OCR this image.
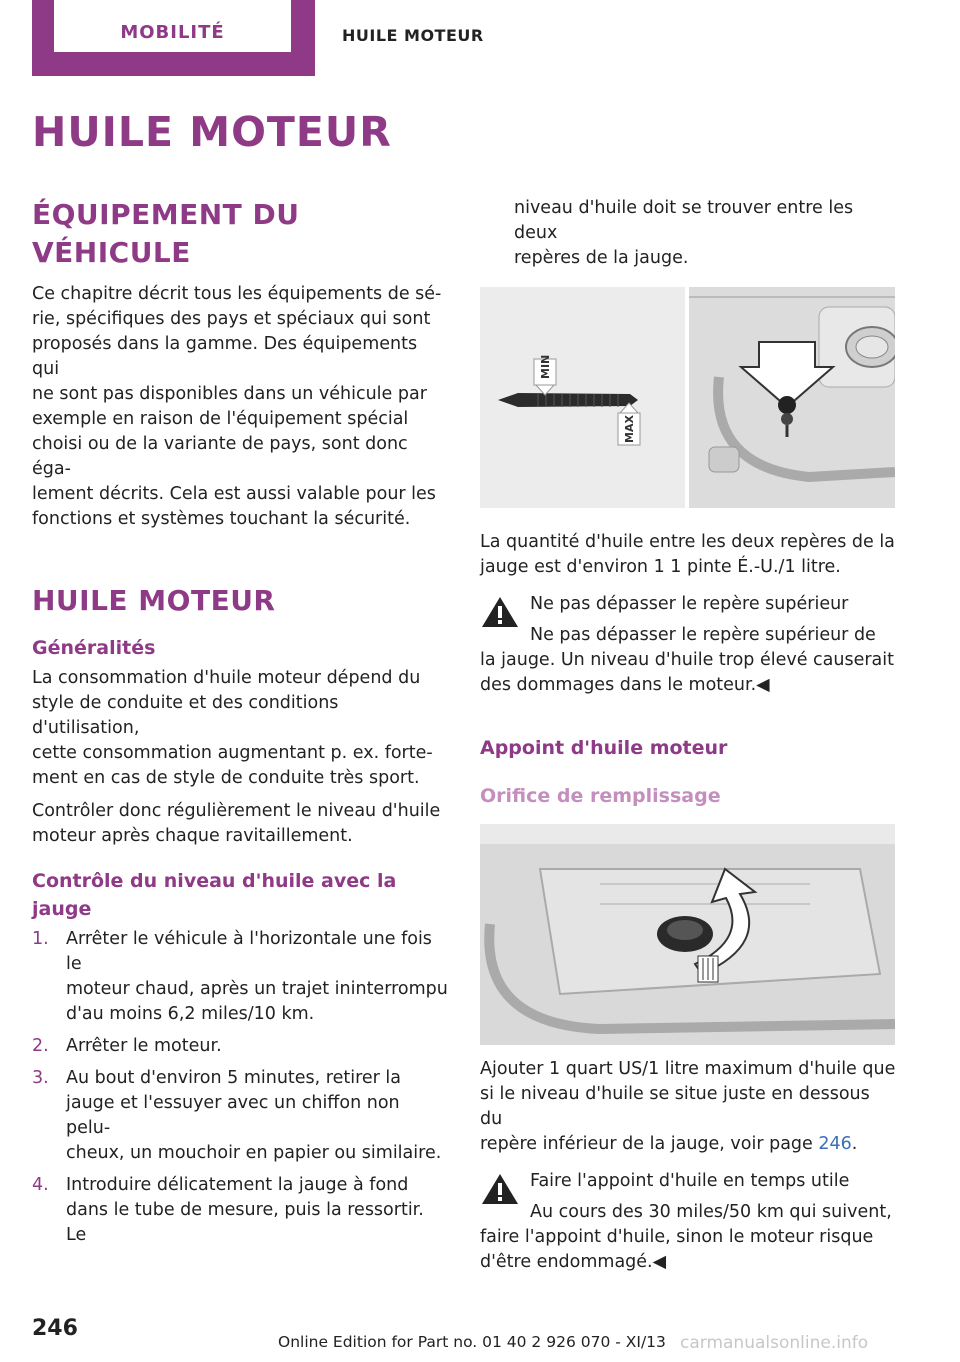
MOBILITÉ	HUILE MOTEUR
HUILE MOTEUR
ÉQUIPEMENT DU VÉHICULE

Ce chapitre décrit tous les équipements de sé‐
rie, spécifiques des pays et spéciaux qui sont
proposés dans la gamme. Des équipements qui
ne sont pas disponibles dans un véhicule par
exemple en raison de l'équipement spécial
choisi ou de la variante de pays, sont donc éga‐
lement décrits. Cela est aussi valable pour les
fonctions et systèmes touchant la sécurité.

HUILE MOTEUR
Généralités

La consommation d'huile moteur dépend du
style de conduite et des conditions d'utilisation,
cette consommation augmentant p. ex. forte‐
ment en cas de style de conduite très sport.

Contrôler donc régulièrement le niveau d'huile
moteur après chaque ravitaillement.

Contrôle du niveau d'huile avec la jauge
1. Arrêter le véhicule à l'horizontale une fois le
moteur chaud, après un trajet ininterrompu
d'au moins 6,2 miles/10 km.
2. Arrêter le moteur.
3. Au bout d'environ 5 minutes, retirer la
jauge et l'essuyer avec un chiffon non pelu‐
cheux, un mouchoir en papier ou similaire.
4. Introduire délicatement la jauge à fond
dans le tube de mesure, puis la ressortir. Le

niveau d'huile doit se trouver entre les deux
repères de la jauge.

MIN
MAX

La quantité d'huile entre les deux repères de la
jauge est d'environ 1 1 pinte É.-U./1 litre.

Ne pas dépasser le repère supérieur

Ne pas dépasser le repère supérieur de la jauge. Un niveau d'huile trop élevé causerait des dommages dans le moteur.◀

Appoint d'huile moteur
Orifice de remplissage

Ajouter 1 quart US/1 litre maximum d'huile que
si le niveau d'huile se situe juste en dessous du
repère inférieur de la jauge, voir page 246.

Faire l'appoint d'huile en temps utile

Au cours des 30 miles/50 km qui suivent, faire l'appoint d'huile, sinon le moteur risque d'être endommagé.◀

246
Online Edition for Part no. 01 40 2 926 070 - XI/13 carmanualsonline.info
